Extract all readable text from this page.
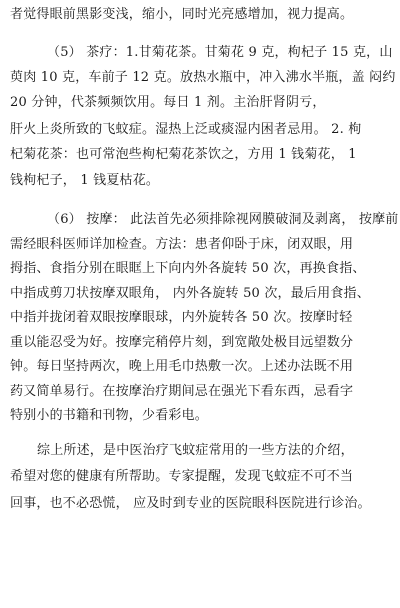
者觉得眼前黑影变浅，缩小，同时光亮感增加，视力提高。
（5） 茶疗：1.甘菊花茶。甘菊花 9 克，枸杞子 15 克，山
萸肉 10 克，车前子 12 克。放热水瓶中，冲入沸水半瓶，盖 闷约
20 分钟，代茶频频饮用。每日 1 剂。主治肝肾阴亏，
肝火上炎所致的飞蚊症。湿热上泛或痰湿内困者忌用。 2. 枸
杞菊花茶：也可常泡些枸杞菊花茶饮之，方用 1 钱菊花， 1
钱枸杞子， 1 钱夏枯花。
（6） 按摩： 此法首先必须排除视网膜破洞及剥离， 按摩前
需经眼科医师详加检查。方法：患者仰卧于床，闭双眼，用
拇指、食指分别在眼眶上下向内外各旋转 50 次，再换食指、
中指成剪刀状按摩双眼角， 内外各旋转 50 次，最后用食指、
中指并拢闭着双眼按摩眼球，内外旋转各 50 次。按摩时轻
重以能忍受为好。按摩完稍停片刻，到宽敞处极目远望数分
钟。每日坚持两次，晚上用毛巾热敷一次。上述办法既不用
药又简单易行。在按摩治疗期间忌在强光下看东西，忌看字
特别小的书籍和刊物，少看彩电。
综上所述，是中医治疗飞蚊症常用的一些方法的介绍，
希望对您的健康有所帮助。专家提醒，发现飞蚊症不可不当
回事，也不必恐慌， 应及时到专业的医院眼科医院进行诊治。
